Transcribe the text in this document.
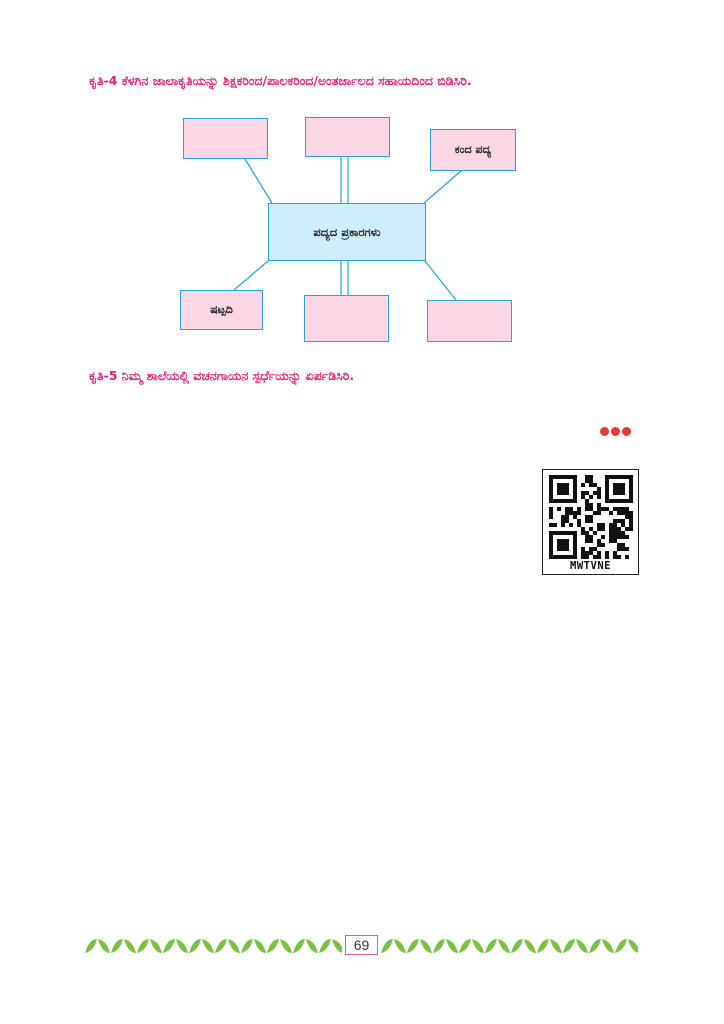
ಕೃತಿ-4 ಕೆಳಗಿನ ಜಾಲಾಕೃತಿಯನ್ನು ಶಿಕ್ಷಕರಿಂದ/ಪಾಲಕರಿಂದ/ಅಂತರ್ಜಾಲದ ಸಹಾಯದಿಂದ ಬಿಡಿಸಿರಿ.
ಕಂದ ಪದ್ಯ
ಪದ್ಯದ ಪ್ರಕಾರಗಳು
ಷಟ್ಪದಿ
ಕೃತಿ-5 ನಿಮ್ಮ ಶಾಲೆಯಲ್ಲಿ ವಚನಗಾಯನ ಸ್ಪರ್ಧೆಯನ್ನು ಏರ್ಪಡಿಸಿರಿ.
MWTVNE
69
